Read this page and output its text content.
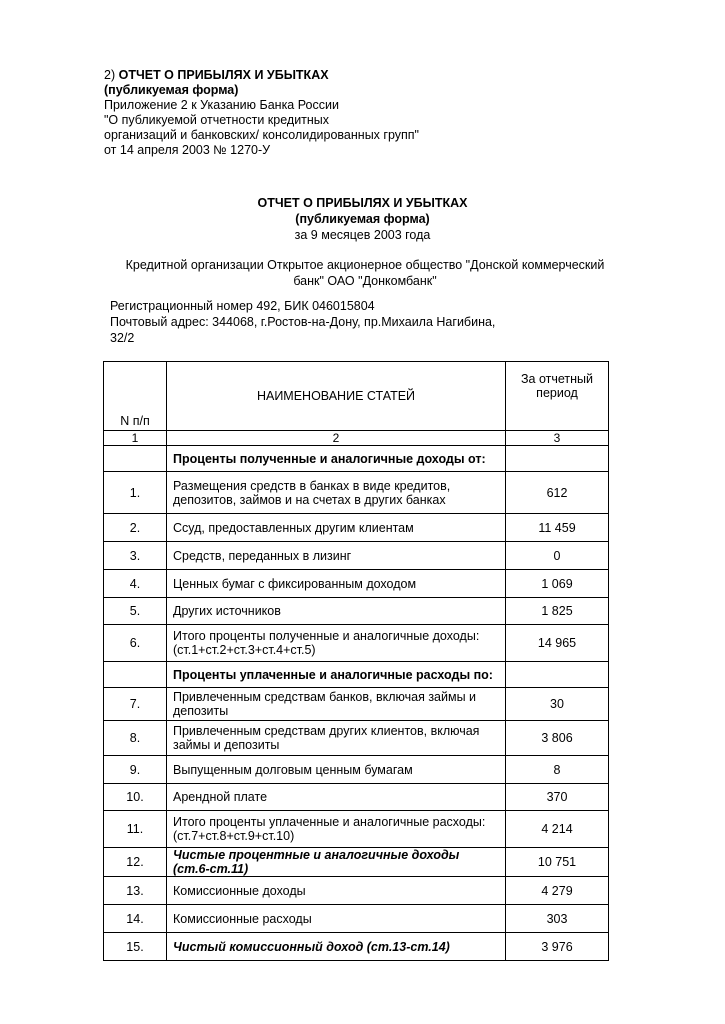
2) ОТЧЕТ О ПРИБЫЛЯХ И УБЫТКАХ
(публикуемая форма)
Приложение 2 к Указанию Банка России
"О публикуемой отчетности кредитных
организаций и банковских/ консолидированных групп"
от 14 апреля 2003 № 1270-У
ОТЧЕТ О ПРИБЫЛЯХ И УБЫТКАХ
(публикуемая форма)
за 9 месяцев 2003 года
Кредитной организации Открытое акционерное общество "Донской коммерческий
банк" ОАО "Донкомбанк"
Регистрационный номер 492, БИК 046015804
Почтовый адрес: 344068, г.Ростов-на-Дону, пр.Михаила Нагибина,
32/2
N п/п	НАИМЕНОВАНИЕ СТАТЕЙ	За отчетный период
1	2	3
	Проценты полученные и аналогичные доходы от:	
1.	Размещения средств в банках в виде кредитов, депозитов, займов и на счетах в других банках	612
2.	Ссуд, предоставленных другим клиентам	11 459
3.	Средств, переданных в лизинг	0
4.	Ценных бумаг с фиксированным доходом	1 069
5.	Других источников	1 825
6.	Итого проценты полученные и аналогичные доходы: (ст.1+ст.2+ст.3+ст.4+ст.5)	14 965
	Проценты уплаченные и аналогичные расходы по:	
7.	Привлеченным средствам банков, включая займы и депозиты	30
8.	Привлеченным средствам других клиентов, включая займы и депозиты	3 806
9.	Выпущенным долговым ценным бумагам	8
10.	Арендной плате	370
11.	Итого проценты уплаченные и аналогичные расходы: (ст.7+ст.8+ст.9+ст.10)	4 214
12.	Чистые процентные и аналогичные доходы (ст.6-ст.11)	10 751
13.	Комиссионные доходы	4 279
14.	Комиссионные расходы	303
15.	Чистый комиссионный доход (ст.13-ст.14)	3 976
